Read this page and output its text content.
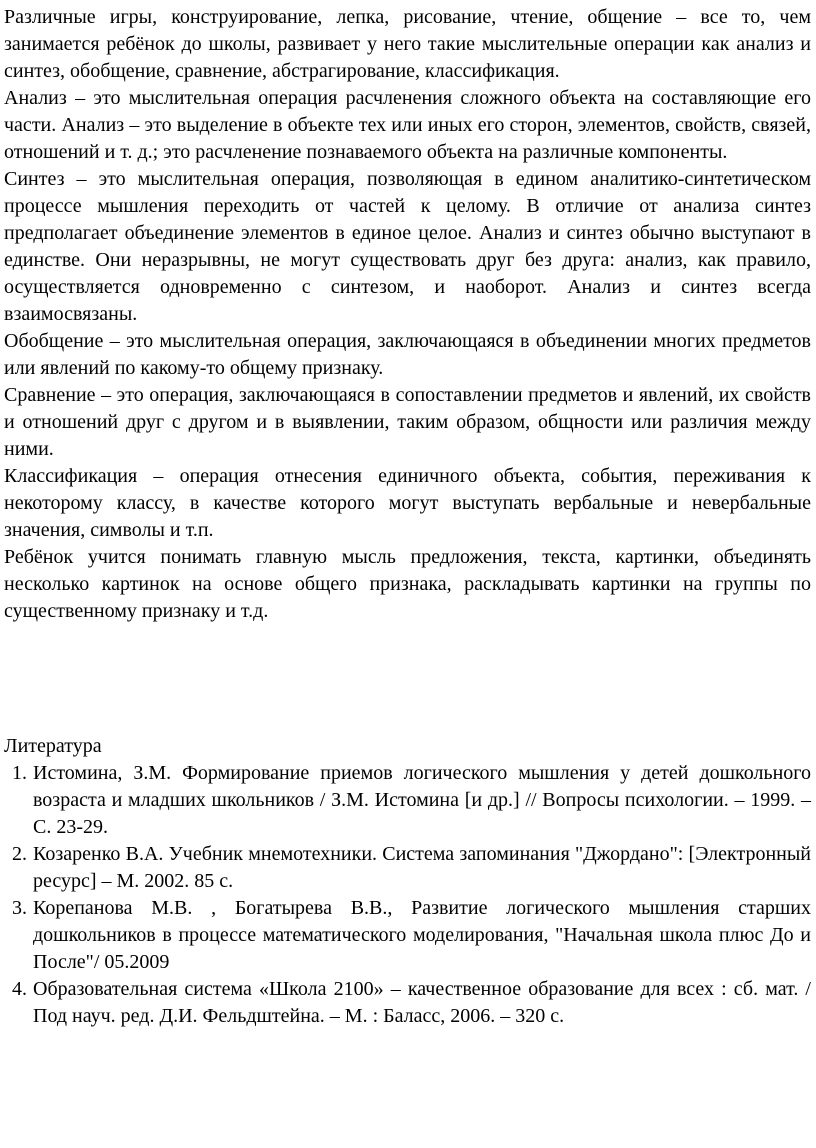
Различные игры, конструирование, лепка, рисование, чтение, общение – все то, чем занимается ребёнок до школы, развивает у него такие мыслительные операции как анализ и синтез, обобщение, сравнение, абстрагирование, классификация.

Анализ – это мыслительная операция расчленения сложного объекта на составляющие его части. Анализ – это выделение в объекте тех или иных его сторон, элементов, свойств, связей, отношений и т. д.; это расчленение познаваемого объекта на различные компоненты.

Синтез – это мыслительная операция, позволяющая в едином аналитико-синтетическом процессе мышления переходить от частей к целому. В отличие от анализа синтез предполагает объединение элементов в единое целое. Анализ и синтез обычно выступают в единстве. Они неразрывны, не могут существовать друг без друга: анализ, как правило, осуществляется одновременно с синтезом, и наоборот. Анализ и синтез всегда взаимосвязаны.

Обобщение – это мыслительная операция, заключающаяся в объединении многих предметов или явлений по какому-то общему признаку.

Сравнение – это операция, заключающаяся в сопоставлении предметов и явлений, их свойств и отношений друг с другом и в выявлении, таким образом, общности или различия между ними.

Классификация – операция отнесения единичного объекта, события, переживания к некоторому классу, в качестве которого могут выступать вербальные и невербальные значения, символы и т.п.

Ребёнок учится понимать главную мысль предложения, текста, картинки, объединять несколько картинок на основе общего признака, раскладывать картинки на группы по существенному признаку и т.д.

Литература

Истомина, З.М. Формирование приемов логического мышления у детей дошкольного возраста и младших школьников / З.М. Истомина [и др.] // Вопросы психологии. – 1999. – С. 23-29.
Козаренко В.А. Учебник мнемотехники. Система запоминания "Джордано": [Электронный ресурс] – М. 2002. 85 с.
Корепанова М.В. , Богатырева В.В., Развитие логического мышления старших дошкольников в процессе математического моделирования, "Начальная школа плюс До и После"/ 05.2009
Образовательная система «Школа 2100» – качественное образование для всех : сб. мат. / Под науч. ред. Д.И. Фельдштейна. – М. : Баласс, 2006. – 320 с.
